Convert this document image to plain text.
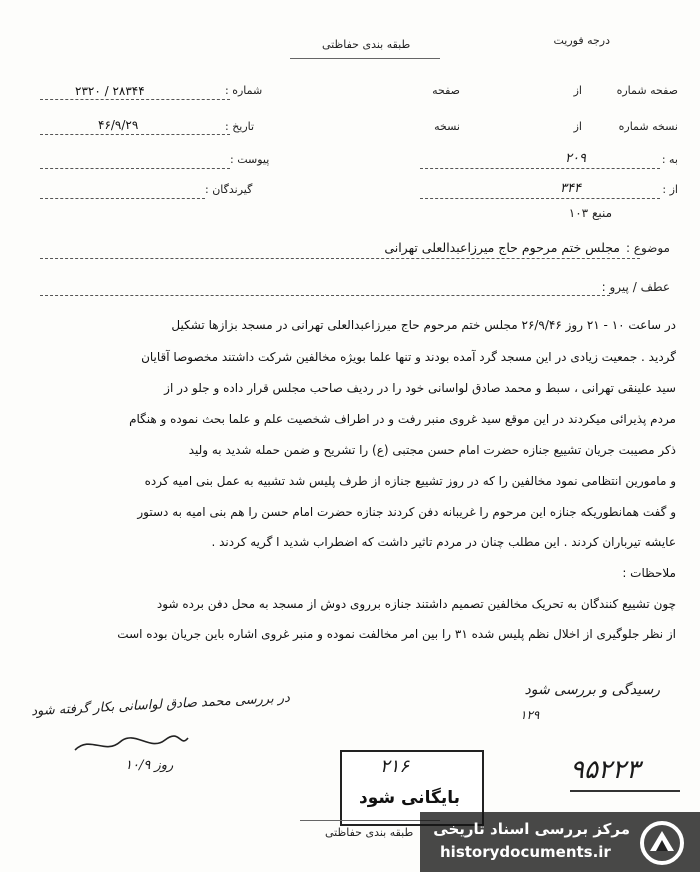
درجه فوریت
طبقه بندی حفاظتی
صفحه شماره
از
صفحه
نسخه شماره
از
نسخه
به :
۲۰۹
از :
۳۴۴
منبع ۱۰۳
شماره :
۲۳۲۰ / ۲۸۳۴۴
تاریخ :
۴۶/۹/۲۹
پیوست :
گیرندگان :
موضوع :
مجلس ختم مرحوم حاج میرزاعبدالعلی تهرانی
عطف / پیرو :
در ساعت ۱۰ - ۲۱ روز ۲۶/۹/۴۶ مجلس ختم مرحوم حاج میرزاعبدالعلی تهرانی در مسجد بزازها تشکیل
گردید . جمعیت زیادی در این مسجد گرد آمده بودند و تنها علما بویژه مخالفین شرکت داشتند مخصوصا آقایان
سید علینقی تهرانی ، سبط و محمد صادق لواسانی خود را در ردیف صاحب مجلس قرار داده و جلو در از
مردم پذیرائی میکردند در این موقع سید غروی منبر رفت و در اطراف شخصیت علم و علما بحث نموده و هنگام
ذکر مصیبت جریان تشییع جنازه حضرت امام حسن مجتبی (ع) را تشریح و ضمن حمله شدید به ولید
و مامورین انتظامی نمود مخالفین را که در روز تشییع جنازه از طرف پلیس شد تشبیه به عمل بنی امیه کرده
و گفت همانطوریکه جنازه این مرحوم را غریبانه دفن کردند جنازه حضرت امام حسن را هم بنی امیه به دستور
عایشه تیرباران کردند . این مطلب چنان در مردم تاثیر داشت که اضطراب شدید ا گریه کردند .
ملاحظات :
چون تشییع کنندگان به تحریک مخالفین تصمیم داشتند جنازه برروی دوش از مسجد به محل دفن برده شود
از نظر جلوگیری از اخلال نظم پلیس شده ۳۱ را بین امر مخالفت نموده و منبر غروی اشاره باین جریان بوده است
رسیدگی و بررسی شود
۱۲۹
در بررسی محمد صادق لواسانی بکار گرفته شود
۱۰/۹ روز	۹۵۲۲۳
۲۱۶
بایگانی شود
طبقه بندی حفاظتی مرکز بررسی اسناد تاریخی
historydocuments.ir
